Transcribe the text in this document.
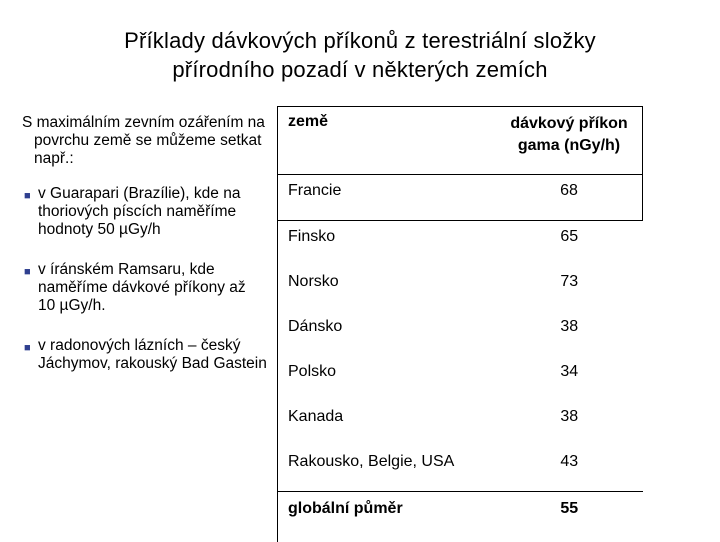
Příklady dávkových příkonů z terestriální složky
přírodního pozadí v některých zemích
S maximálním zevním ozářením na povrchu země se můžeme setkat např.:
■ v Guarapari (Brazílie), kde na thoriových píscích naměříme hodnoty 50 µGy/h
■ v íránském Ramsaru, kde naměříme dávkové příkony až 10 µGy/h.
■ v radonových lázních – český Jáchymov, rakouský Bad Gastein
země	dávkový příkon
gama (nGy/h)

Francie	68
Finsko	65
Norsko	73
Dánsko	38
Polsko	34
Kanada	38
Rakousko, Belgie, USA	43
globální půměr	55
